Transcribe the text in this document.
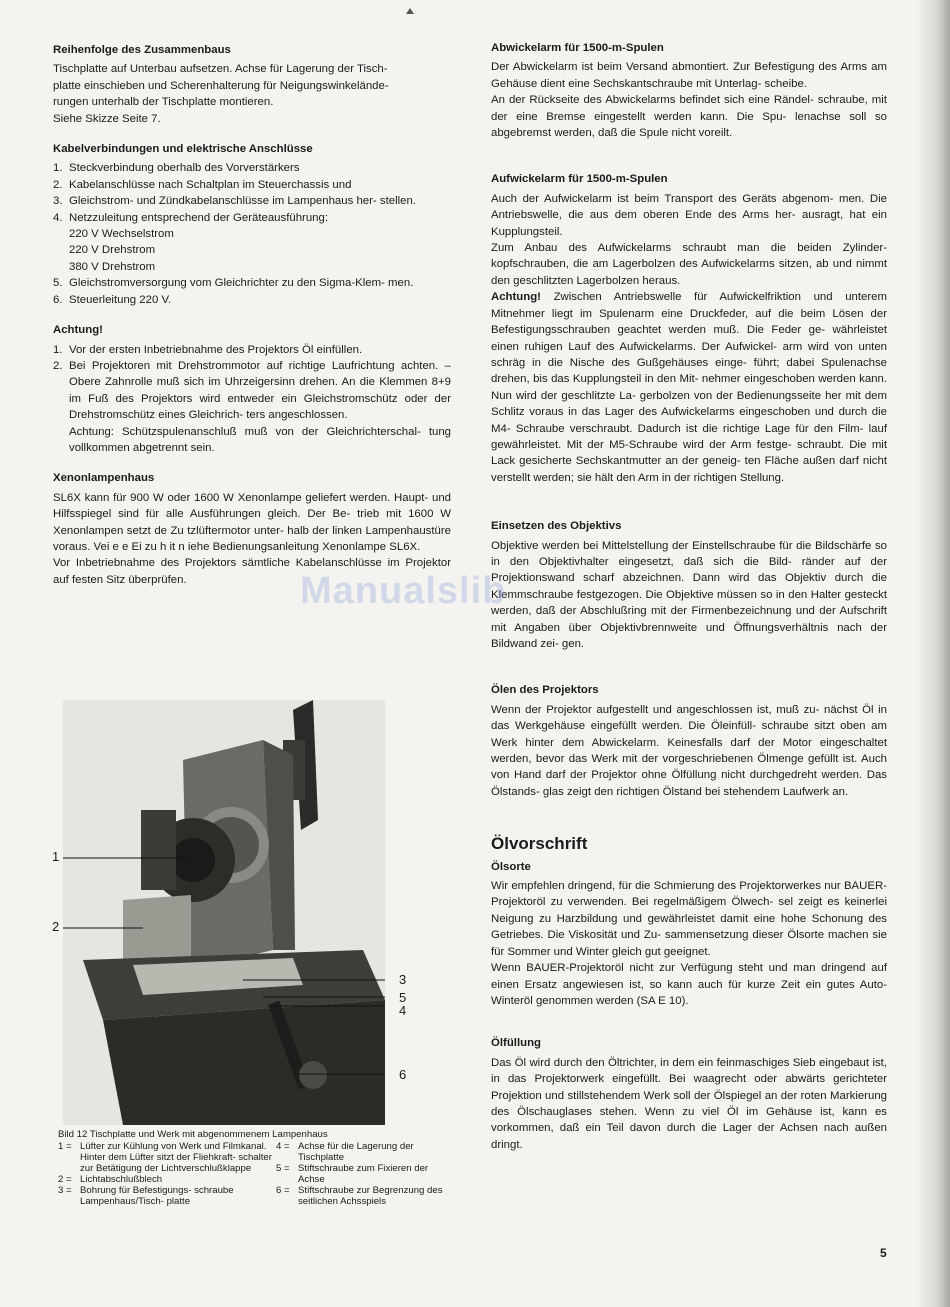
Reihenfolge des Zusammenbaus
Tischplatte auf Unterbau aufsetzen. Achse für Lagerung der Tisch-
platte einschieben und Scherenhalterung für Neigungswinkelände-
rungen unterhalb der Tischplatte montieren.
Siehe Skizze Seite 7.
Kabelverbindungen und elektrische Anschlüsse
1. Steckverbindung oberhalb des Vorverstärkers
2. Kabelanschlüsse nach Schaltplan im Steuerchassis und
3. Gleichstrom- und Zündkabelanschlüsse im Lampenhaus her- stellen.
4. Netzzuleitung entsprechend der Geräteausführung:
220 V Wechselstrom
220 V Drehstrom
380 V Drehstrom
5. Gleichstromversorgung vom Gleichrichter zu den Sigma-Klem- men.
6. Steuerleitung 220 V.
Achtung!
1. Vor der ersten Inbetriebnahme des Projektors Öl einfüllen.
2. Bei Projektoren mit Drehstrommotor auf richtige Laufrichtung achten. – Obere Zahnrolle muß sich im Uhrzeigersinn drehen. An die Klemmen 8+9 im Fuß des Projektors wird entweder ein Gleichstromschütz oder der Drehstromschütz eines Gleichrich- ters angeschlossen.
Achtung: Schützspulenanschluß muß von der Gleichrichterschal- tung vollkommen abgetrennt sein.
Xenonlampenhaus

SL6X kann für 900 W oder 1600 W Xenonlampe geliefert werden. Haupt- und Hilfsspiegel sind für alle Ausführungen gleich. Der Be- trieb mit 1600 W Xenonlampen setzt de Zu tzlüftermotor unter- halb der linken Lampenhaustüre voraus. Vei e e Ei zu h it n iehe Bedienungsanleitung Xenonlampe SL6X.

Vor Inbetriebnahme des Projektors sämtliche Kabelanschlüsse im Projektor auf festen Sitz überprüfen.

1
2
3
5
4
6
Bild 12 Tischplatte und Werk mit abgenommenem Lampenhaus
1 = Lüfter zur Kühlung von Werk und Filmkanal. Hinter dem Lüfter sitzt der Fliehkraft- schalter zur Betätigung der Lichtverschlußklappe
2 = Lichtabschlußblech
3 = Bohrung für Befestigungs- schraube Lampenhaus/Tisch- platte
4 = Achse für die Lagerung der Tischplatte
5 = Stiftschraube zum Fixieren der Achse
6 = Stiftschraube zur Begrenzung des seitlichen Achsspiels
Abwickelarm für 1500-m-Spulen

Der Abwickelarm ist beim Versand abmontiert. Zur Befestigung des Arms am Gehäuse dient eine Sechskantschraube mit Unterlag- scheibe.

An der Rückseite des Abwickelarms befindet sich eine Rändel- schraube, mit der eine Bremse eingestellt werden kann. Die Spu- lenachse soll so abgebremst werden, daß die Spule nicht voreilt.

Aufwickelarm für 1500-m-Spulen

Auch der Aufwickelarm ist beim Transport des Geräts abgenom- men. Die Antriebswelle, die aus dem oberen Ende des Arms her- ausragt, hat ein Kupplungsteil.

Zum Anbau des Aufwickelarms schraubt man die beiden Zylinder- kopfschrauben, die am Lagerbolzen des Aufwickelarms sitzen, ab und nimmt den geschlitzten Lagerbolzen heraus.

Achtung! Zwischen Antriebswelle für Aufwickelfriktion und unterem Mitnehmer liegt im Spulenarm eine Druckfeder, auf die beim Lösen der Befestigungsschrauben geachtet werden muß. Die Feder ge- währleistet einen ruhigen Lauf des Aufwickelarms. Der Aufwickel- arm wird von unten schräg in die Nische des Gußgehäuses einge- führt; dabei Spulenachse drehen, bis das Kupplungsteil in den Mit- nehmer eingeschoben werden kann. Nun wird der geschlitzte La- gerbolzen von der Bedienungsseite her mit dem Schlitz voraus in das Lager des Aufwickelarms eingeschoben und durch die M4- Schraube verschraubt. Dadurch ist die richtige Lage für den Film- lauf gewährleistet. Mit der M5-Schraube wird der Arm festge- schraubt. Die mit Lack gesicherte Sechskantmutter an der geneig- ten Fläche außen darf nicht verstellt werden; sie hält den Arm in der richtigen Stellung.

Einsetzen des Objektivs

Objektive werden bei Mittelstellung der Einstellschraube für die Bildschärfe so in den Objektivhalter eingesetzt, daß sich die Bild- ränder auf der Projektionswand scharf abzeichnen. Dann wird das Objektiv durch die Klemmschraube festgezogen. Die Objektive müssen so in den Halter gesteckt werden, daß der Abschlußring mit der Firmenbezeichnung und der Aufschrift mit Angaben über Objektivbrennweite und Öffnungsverhältnis nach der Bildwand zei- gen.

Ölen des Projektors

Wenn der Projektor aufgestellt und angeschlossen ist, muß zu- nächst Öl in das Werkgehäuse eingefüllt werden. Die Öleinfüll- schraube sitzt oben am Werk hinter dem Abwickelarm. Keinesfalls darf der Motor eingeschaltet werden, bevor das Werk mit der vorgeschriebenen Ölmenge gefüllt ist. Auch von Hand darf der Projektor ohne Ölfüllung nicht durchgedreht werden. Das Ölstands- glas zeigt den richtigen Ölstand bei stehendem Laufwerk an.

Ölvorschrift
Ölsorte

Wir empfehlen dringend, für die Schmierung des Projektorwerkes nur BAUER-Projektoröl zu verwenden. Bei regelmäßigem Ölwech- sel zeigt es keinerlei Neigung zu Harzbildung und gewährleistet damit eine hohe Schonung des Getriebes. Die Viskosität und Zu- sammensetzung dieser Ölsorte machen sie für Sommer und Winter gleich gut geeignet.

Wenn BAUER-Projektoröl nicht zur Verfügung steht und man dringend auf einen Ersatz angewiesen ist, so kann auch für kurze Zeit ein gutes Auto-Winteröl genommen werden (SA E 10).

Ölfüllung

Das Öl wird durch den Öltrichter, in dem ein feinmaschiges Sieb eingebaut ist, in das Projektorwerk eingefüllt. Bei waagrecht oder abwärts gerichteter Projektion und stillstehendem Werk soll der Ölspiegel an der roten Markierung des Ölschauglases stehen. Wenn zu viel Öl im Gehäuse ist, kann es vorkommen, daß ein Teil davon durch die Lager der Achsen nach außen dringt.

Manualslib
5
